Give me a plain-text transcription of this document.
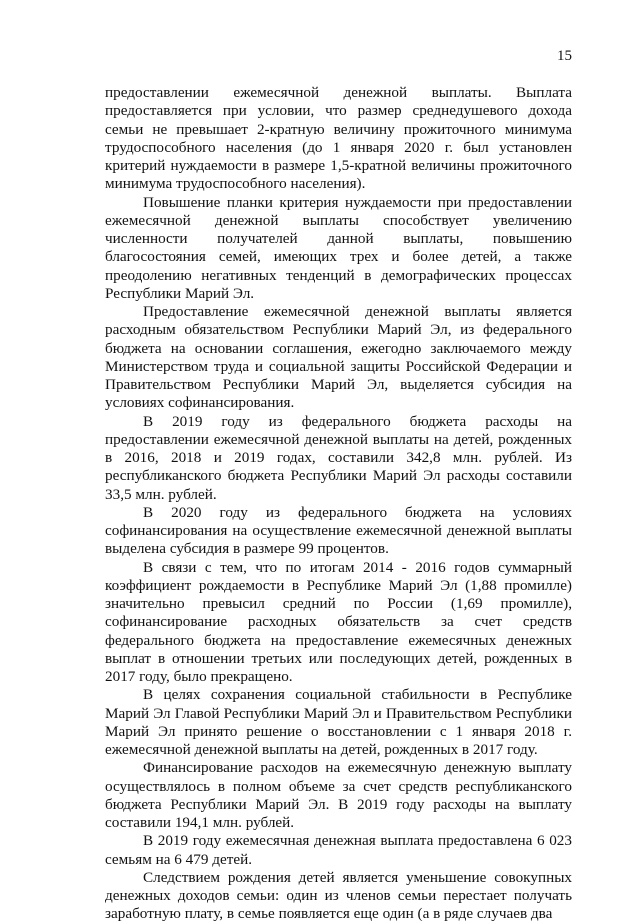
15

предоставлении ежемесячной денежной выплаты. Выплата предоставляется при условии, что размер среднедушевого дохода семьи не превышает 2-кратную величину прожиточного минимума трудоспособного населения (до 1 января 2020 г. был установлен критерий нуждаемости в размере 1,5-кратной величины прожиточного минимума трудоспособного населения).

Повышение планки критерия нуждаемости при предоставлении ежемесячной денежной выплаты способствует увеличению численности получателей данной выплаты, повышению благосостояния семей, имеющих трех и более детей, а также преодолению негативных тенденций в демографических процессах Республики Марий Эл.

Предоставление ежемесячной денежной выплаты является расходным обязательством Республики Марий Эл, из федерального бюджета на основании соглашения, ежегодно заключаемого между Министерством труда и социальной защиты Российской Федерации и Правительством Республики Марий Эл, выделяется субсидия на условиях софинансирования.

В 2019 году из федерального бюджета расходы на предоставлении ежемесячной денежной выплаты на детей, рожденных в 2016, 2018 и 2019 годах, составили 342,8 млн. рублей. Из республиканского бюджета Республики Марий Эл расходы составили 33,5 млн. рублей.

В 2020 году из федерального бюджета на условиях софинансирования на осуществление ежемесячной денежной выплаты выделена субсидия в размере 99 процентов.

В связи с тем, что по итогам 2014 - 2016 годов суммарный коэффициент рождаемости в Республике Марий Эл (1,88 промилле) значительно превысил средний по России (1,69 промилле), софинансирование расходных обязательств за счет средств федерального бюджета на предоставление ежемесячных денежных выплат в отношении третьих или последующих детей, рожденных в 2017 году, было прекращено.

В целях сохранения социальной стабильности в Республике Марий Эл Главой Республики Марий Эл и Правительством Республики Марий Эл принято решение о восстановлении с 1 января 2018 г. ежемесячной денежной выплаты на детей, рожденных в 2017 году.

Финансирование расходов на ежемесячную денежную выплату осуществлялось в полном объеме за счет средств республиканского бюджета Республики Марий Эл. В 2019 году расходы на выплату составили 194,1 млн. рублей.

В 2019 году ежемесячная денежная выплата предоставлена 6 023 семьям на 6 479 детей.

Следствием рождения детей является уменьшение совокупных денежных доходов семьи: один из членов семьи перестает получать заработную плату, в семье появляется еще один (а в ряде случаев два
